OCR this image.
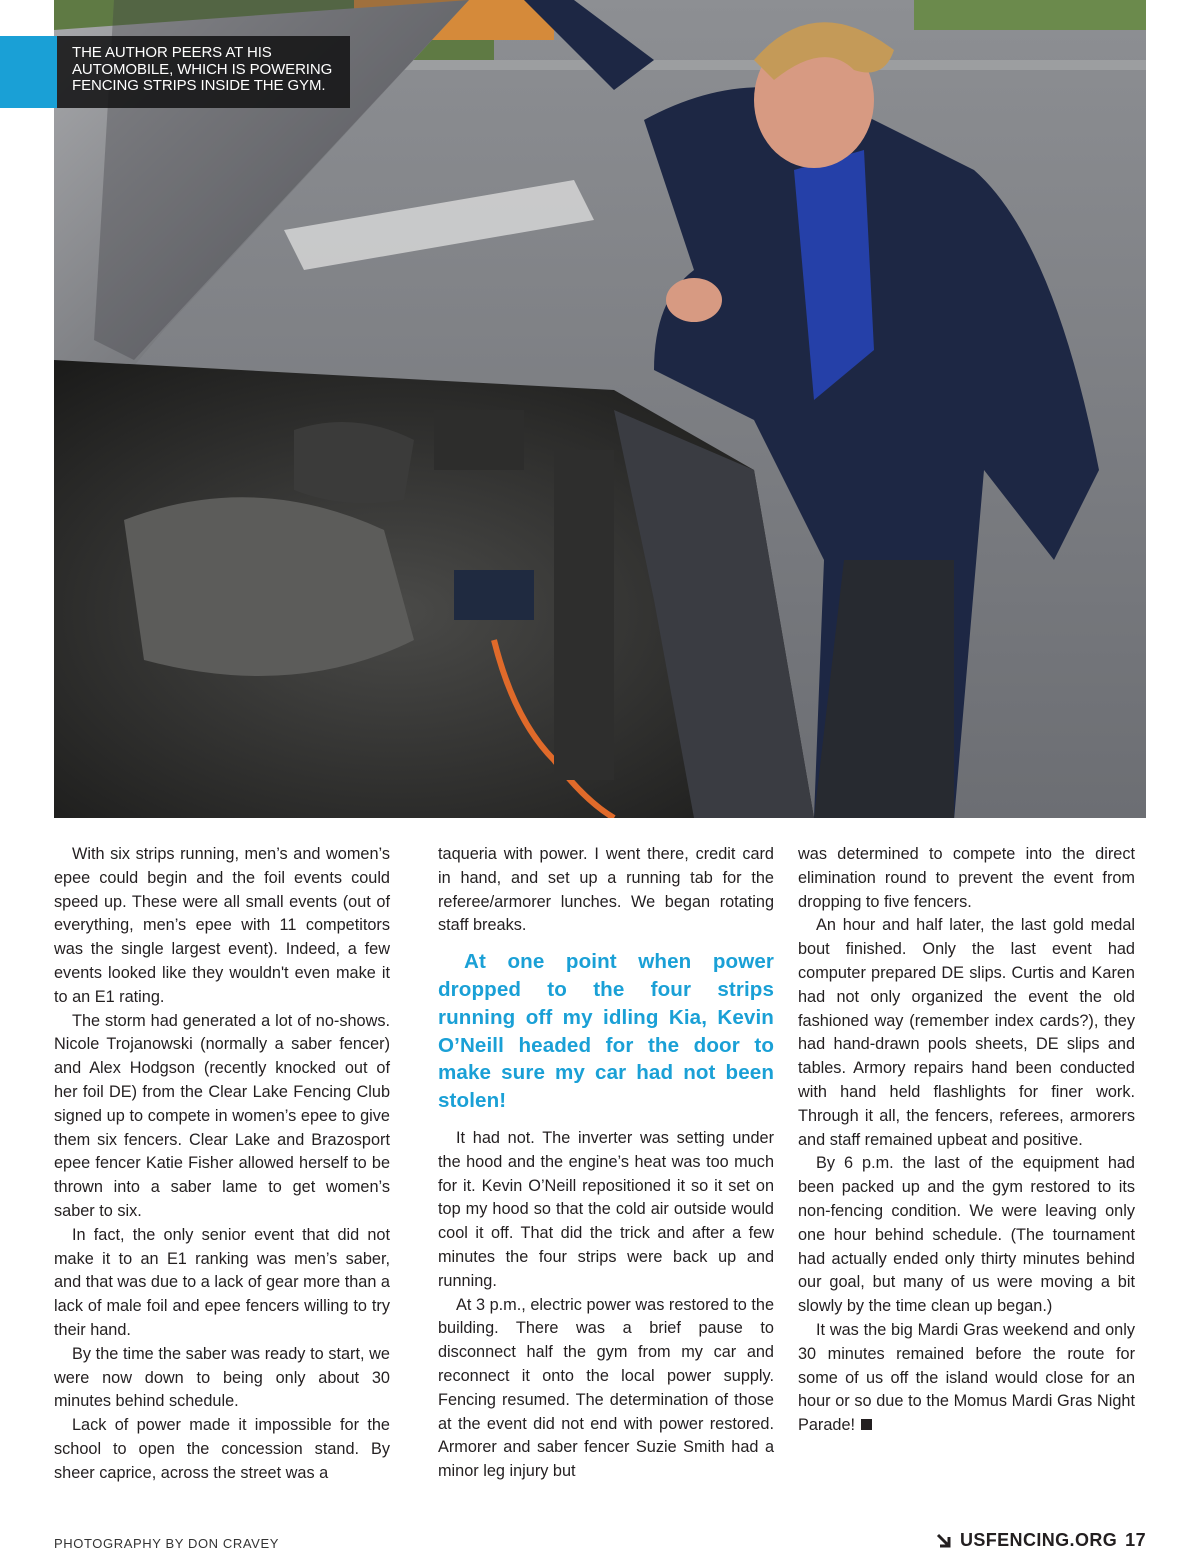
THE AUTHOR PEERS AT HIS AUTOMOBILE, WHICH IS POWERING FENCING STRIPS INSIDE THE GYM.

With six strips running, men’s and women’s epee could begin and the foil events could speed up. These were all small events (out of everything, men’s epee with 11 competitors was the single largest event). Indeed, a few events looked like they wouldn't even make it to an E1 rating.

The storm had generated a lot of no-shows. Nicole Trojanowski (normally a saber fencer) and Alex Hodgson (recently knocked out of her foil DE) from the Clear Lake Fencing Club signed up to compete in women’s epee to give them six fencers. Clear Lake and Brazosport epee fencer Katie Fisher allowed herself to be thrown into a saber lame to get women’s saber to six.

In fact, the only senior event that did not make it to an E1 ranking was men’s saber, and that was due to a lack of gear more than a lack of male foil and epee fencers willing to try their hand.

By the time the saber was ready to start, we were now down to being only about 30 minutes behind schedule.

Lack of power made it impossible for the school to open the concession stand. By sheer caprice, across the street was a

taqueria with power. I went there, credit card in hand, and set up a running tab for the referee/armorer lunches. We began rotating staff breaks.

At one point when power dropped to the four strips running off my idling Kia, Kevin O’Neill headed for the door to make sure my car had not been stolen!

It had not. The inverter was setting under the hood and the engine’s heat was too much for it. Kevin O’Neill repositioned it so it set on top my hood so that the cold air outside would cool it off. That did the trick and after a few minutes the four strips were back up and running.

At 3 p.m., electric power was restored to the building. There was a brief pause to disconnect half the gym from my car and reconnect it onto the local power supply. Fencing resumed. The determination of those at the event did not end with power restored. Armorer and saber fencer Suzie Smith had a minor leg injury but

was determined to compete into the direct elimination round to prevent the event from dropping to five fencers.

An hour and half later, the last gold medal bout finished. Only the last event had computer prepared DE slips. Curtis and Karen had not only organized the event the old fashioned way (remember index cards?), they had hand-drawn pools sheets, DE slips and tables. Armory repairs hand been conducted with hand held flashlights for finer work. Through it all, the fencers, referees, armorers and staff remained upbeat and positive.

By 6 p.m. the last of the equipment had been packed up and the gym restored to its non-fencing condition. We were leaving only one hour behind schedule. (The tournament had actually ended only thirty minutes behind our goal, but many of us were moving a bit slowly by the time clean up began.)

It was the big Mardi Gras weekend and only 30 minutes remained before the route for some of us off the island would close for an hour or so due to the Momus Mardi Gras Night Parade!

PHOTOGRAPHY BY DON CRAVEY	USFENCING.ORG 17
